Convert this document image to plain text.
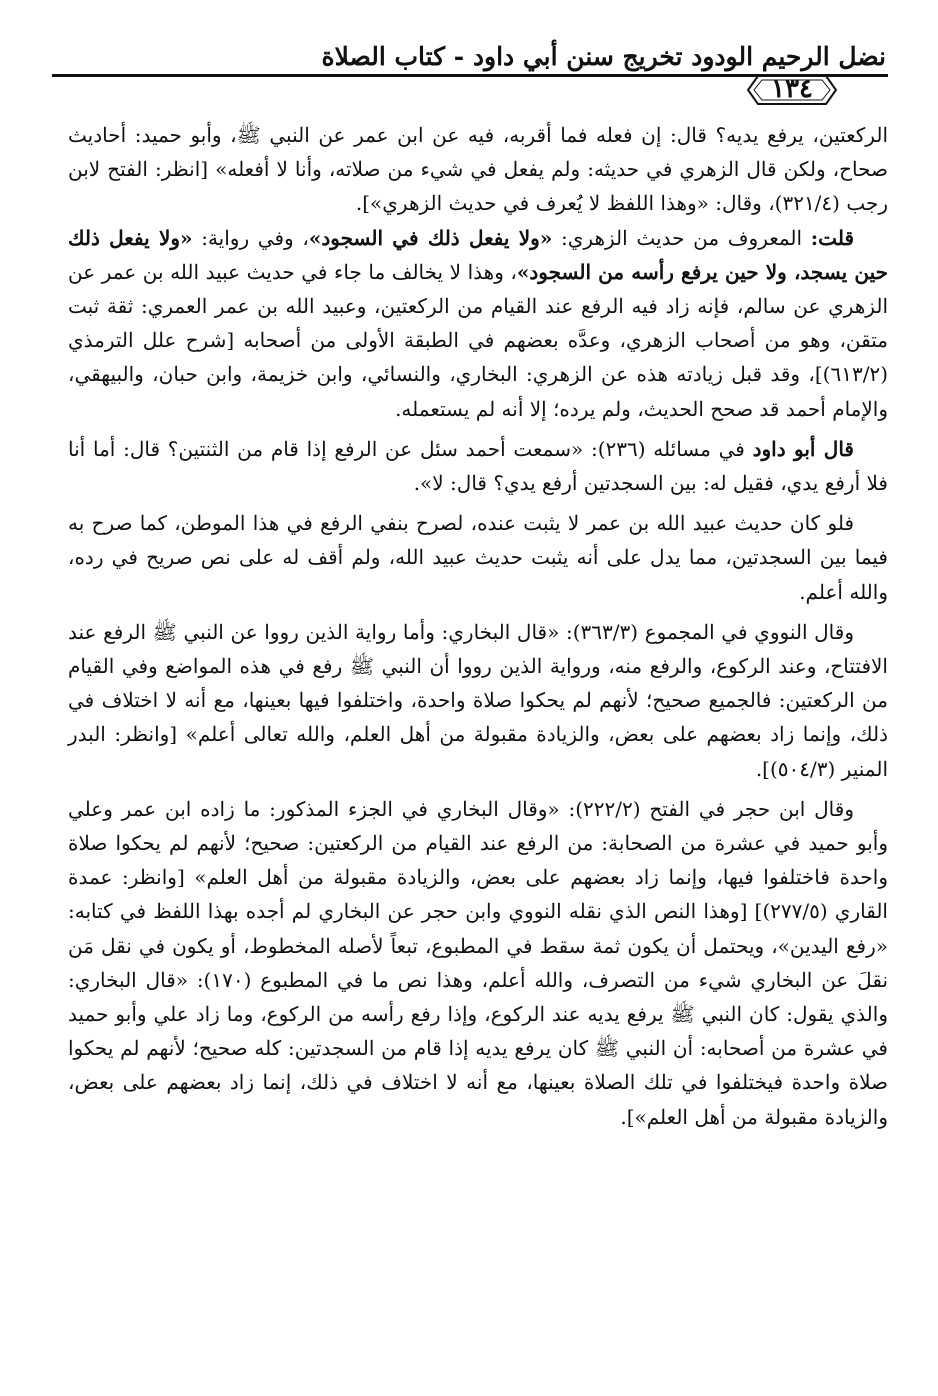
نضل الرحيم الودود تخريج سنن أبي داود - كتاب الصلاة
١٣٤

الركعتين، يرفع يديه؟ قال: إن فعله فما أقربه، فيه عن ابن عمر عن النبي ﷺ، وأبو حميد: أحاديث صحاح، ولكن قال الزهري في حديثه: ولم يفعل في شيء من صلاته، وأنا لا أفعله» [انظر: الفتح لابن رجب (٣٢١/٤)، وقال: «وهذا اللفظ لا يُعرف في حديث الزهري»].

قلت: المعروف من حديث الزهري: «ولا يفعل ذلك في السجود»، وفي رواية: «ولا يفعل ذلك حين يسجد، ولا حين يرفع رأسه من السجود»، وهذا لا يخالف ما جاء في حديث عبيد الله بن عمر عن الزهري عن سالم، فإنه زاد فيه الرفع عند القيام من الركعتين، وعبيد الله بن عمر العمري: ثقة ثبت متقن، وهو من أصحاب الزهري، وعدَّه بعضهم في الطبقة الأولى من أصحابه [شرح علل الترمذي (٦١٣/٢)]، وقد قبل زيادته هذه عن الزهري: البخاري، والنسائي، وابن خزيمة، وابن حبان، والبيهقي، والإمام أحمد قد صحح الحديث، ولم يرده؛ إلا أنه لم يستعمله.

قال أبو داود في مسائله (٢٣٦): «سمعت أحمد سئل عن الرفع إذا قام من الثنتين؟ قال: أما أنا فلا أرفع يدي، فقيل له: بين السجدتين أرفع يدي؟ قال: لا».

فلو كان حديث عبيد الله بن عمر لا يثبت عنده، لصرح بنفي الرفع في هذا الموطن، كما صرح به فيما بين السجدتين، مما يدل على أنه يثبت حديث عبيد الله، ولم أقف له على نص صريح في رده، والله أعلم.

وقال النووي في المجموع (٣٦٣/٣): «قال البخاري: وأما رواية الذين رووا عن النبي ﷺ الرفع عند الافتتاح، وعند الركوع، والرفع منه، ورواية الذين رووا أن النبي ﷺ رفع في هذه المواضع وفي القيام من الركعتين: فالجميع صحيح؛ لأنهم لم يحكوا صلاة واحدة، واختلفوا فيها بعينها، مع أنه لا اختلاف في ذلك، وإنما زاد بعضهم على بعض، والزيادة مقبولة من أهل العلم، والله تعالى أعلم» [وانظر: البدر المنير (٥٠٤/٣)].

وقال ابن حجر في الفتح (٢٢٢/٢): «وقال البخاري في الجزء المذكور: ما زاده ابن عمر وعلي وأبو حميد في عشرة من الصحابة: من الرفع عند القيام من الركعتين: صحيح؛ لأنهم لم يحكوا صلاة واحدة فاختلفوا فيها، وإنما زاد بعضهم على بعض، والزيادة مقبولة من أهل العلم» [وانظر: عمدة القاري (٢٧٧/٥)] [وهذا النص الذي نقله النووي وابن حجر عن البخاري لم أجده بهذا اللفظ في كتابه: «رفع اليدين»، ويحتمل أن يكون ثمة سقط في المطبوع، تبعاً لأصله المخطوط، أو يكون في نقل مَن نقلَ عن البخاري شيء من التصرف، والله أعلم، وهذا نص ما في المطبوع (١٧٠): «قال البخاري: والذي يقول: كان النبي ﷺ يرفع يديه عند الركوع، وإذا رفع رأسه من الركوع، وما زاد علي وأبو حميد في عشرة من أصحابه: أن النبي ﷺ كان يرفع يديه إذا قام من السجدتين: كله صحيح؛ لأنهم لم يحكوا صلاة واحدة فيختلفوا في تلك الصلاة بعينها، مع أنه لا اختلاف في ذلك، إنما زاد بعضهم على بعض، والزيادة مقبولة من أهل العلم»].
